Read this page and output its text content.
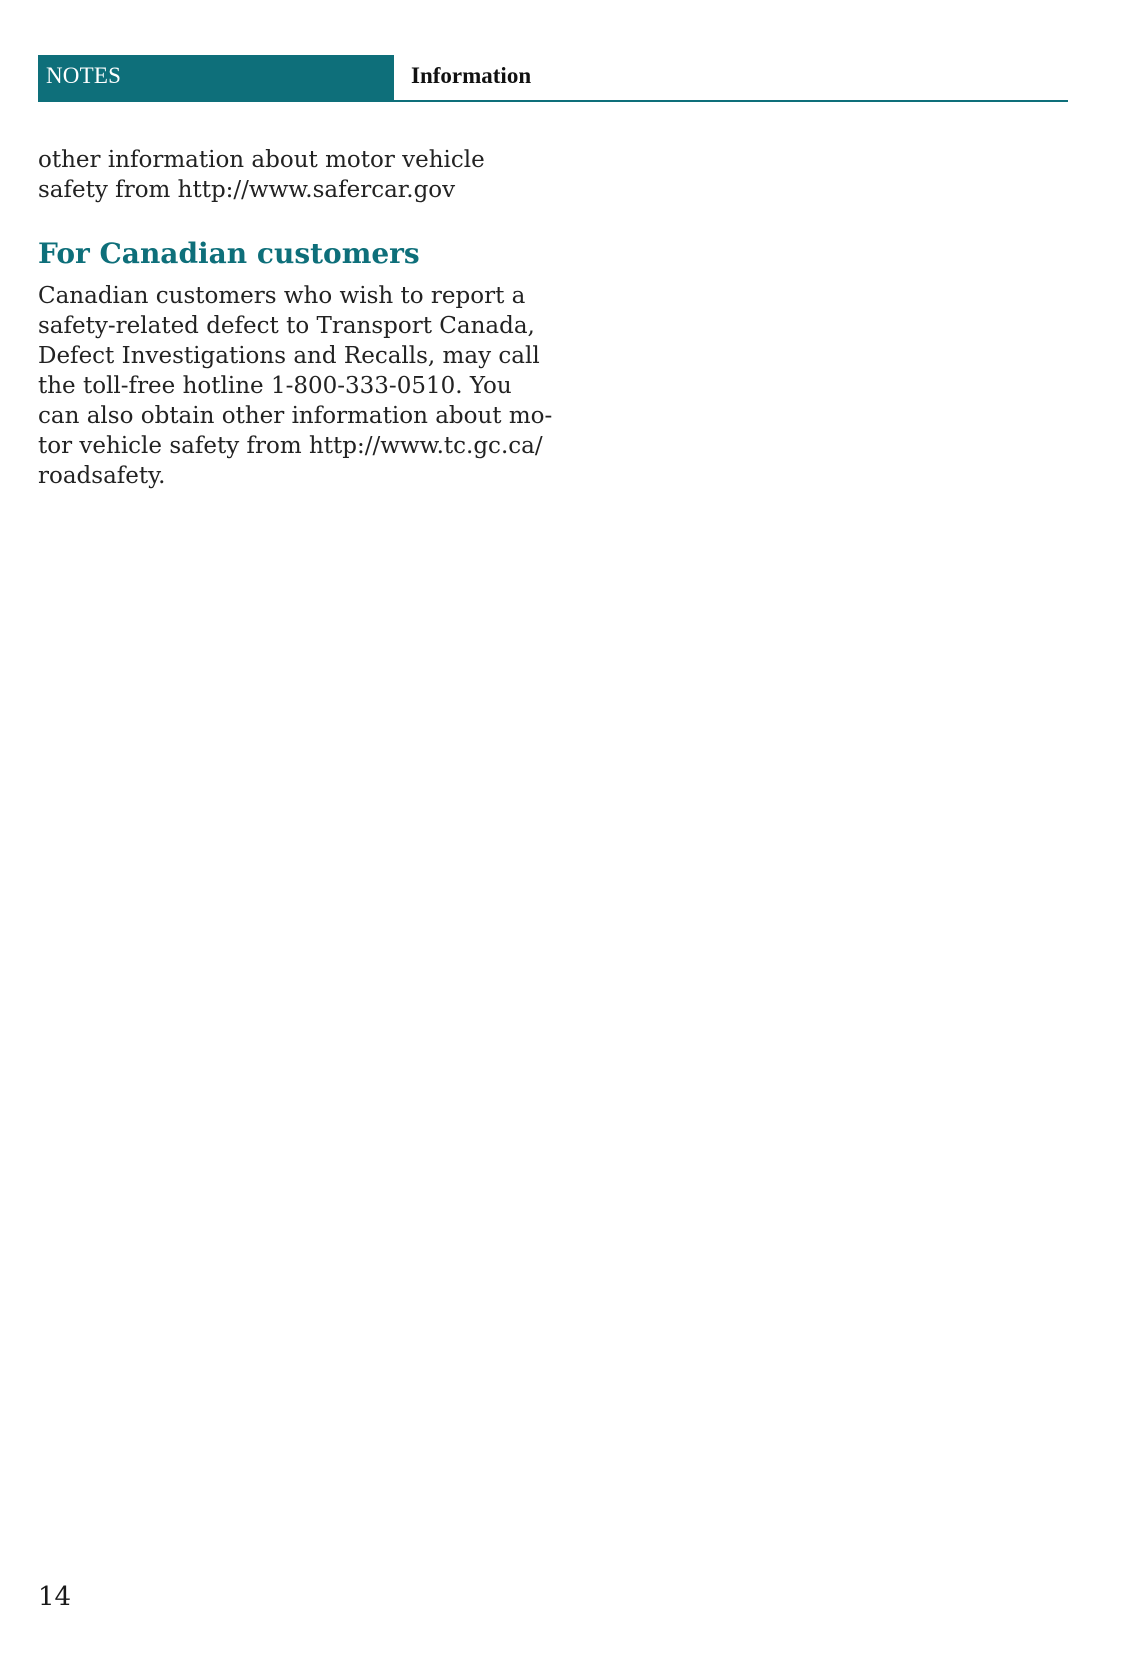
NOTES	Information

other information about motor vehicle
safety from http://www.safercar.gov

For Canadian customers

Canadian customers who wish to report a
safety-related defect to Transport Canada,
Defect Investigations and Recalls, may call
the toll-free hotline 1-800-333-0510. You
can also obtain other information about mo-
tor vehicle safety from http://www.tc.gc.ca/
roadsafety.

14
